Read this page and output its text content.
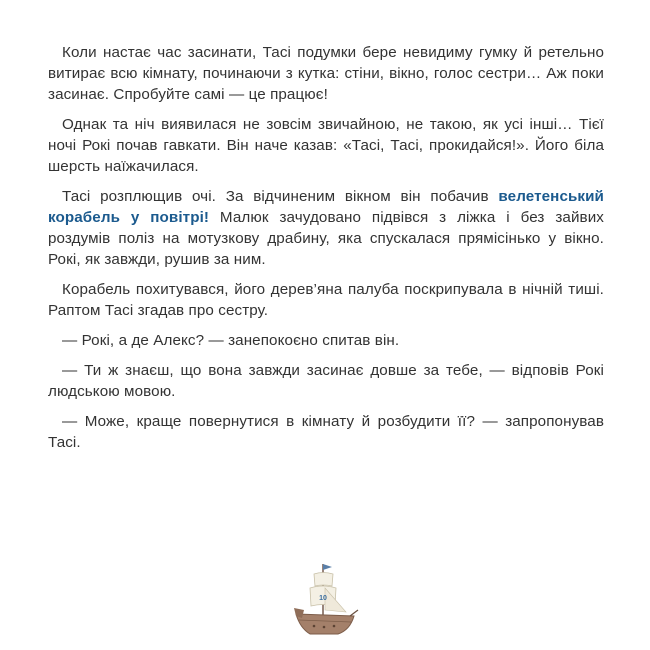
Коли настає час засинати, Тасі подумки бере невидиму гумку й ретельно витирає всю кімнату, починаючи з кутка: стіни, вікно, голос сестри… Аж поки засинає. Спробуйте самі — це працює!

Однак та ніч виявилася не зовсім звичайною, не такою, як усі інші… Тієї ночі Рокі почав гавкати. Він наче казав: «Тасі, Тасі, прокидайся!». Його біла шерсть наїжачилася.

Тасі розплющив очі. За відчиненим вікном він побачив велетенський корабель у повітрі! Малюк зачудовано підвівся з ліжка і без зайвих роздумів поліз на мотузкову драбину, яка спускалася прямісінько у вікно. Рокі, як завжди, рушив за ним.

Корабель похитувався, його дерев’яна палуба поскрипувала в нічній тиші. Раптом Тасі згадав про сестру.

— Рокі, а де Алекс? — занепокоєно спитав він.

— Ти ж знаєш, що вона завжди засинає довше за тебе, — відповів Рокі людською мовою.

— Може, краще повернутися в кімнату й розбудити її? — запропонував Тасі.

10
